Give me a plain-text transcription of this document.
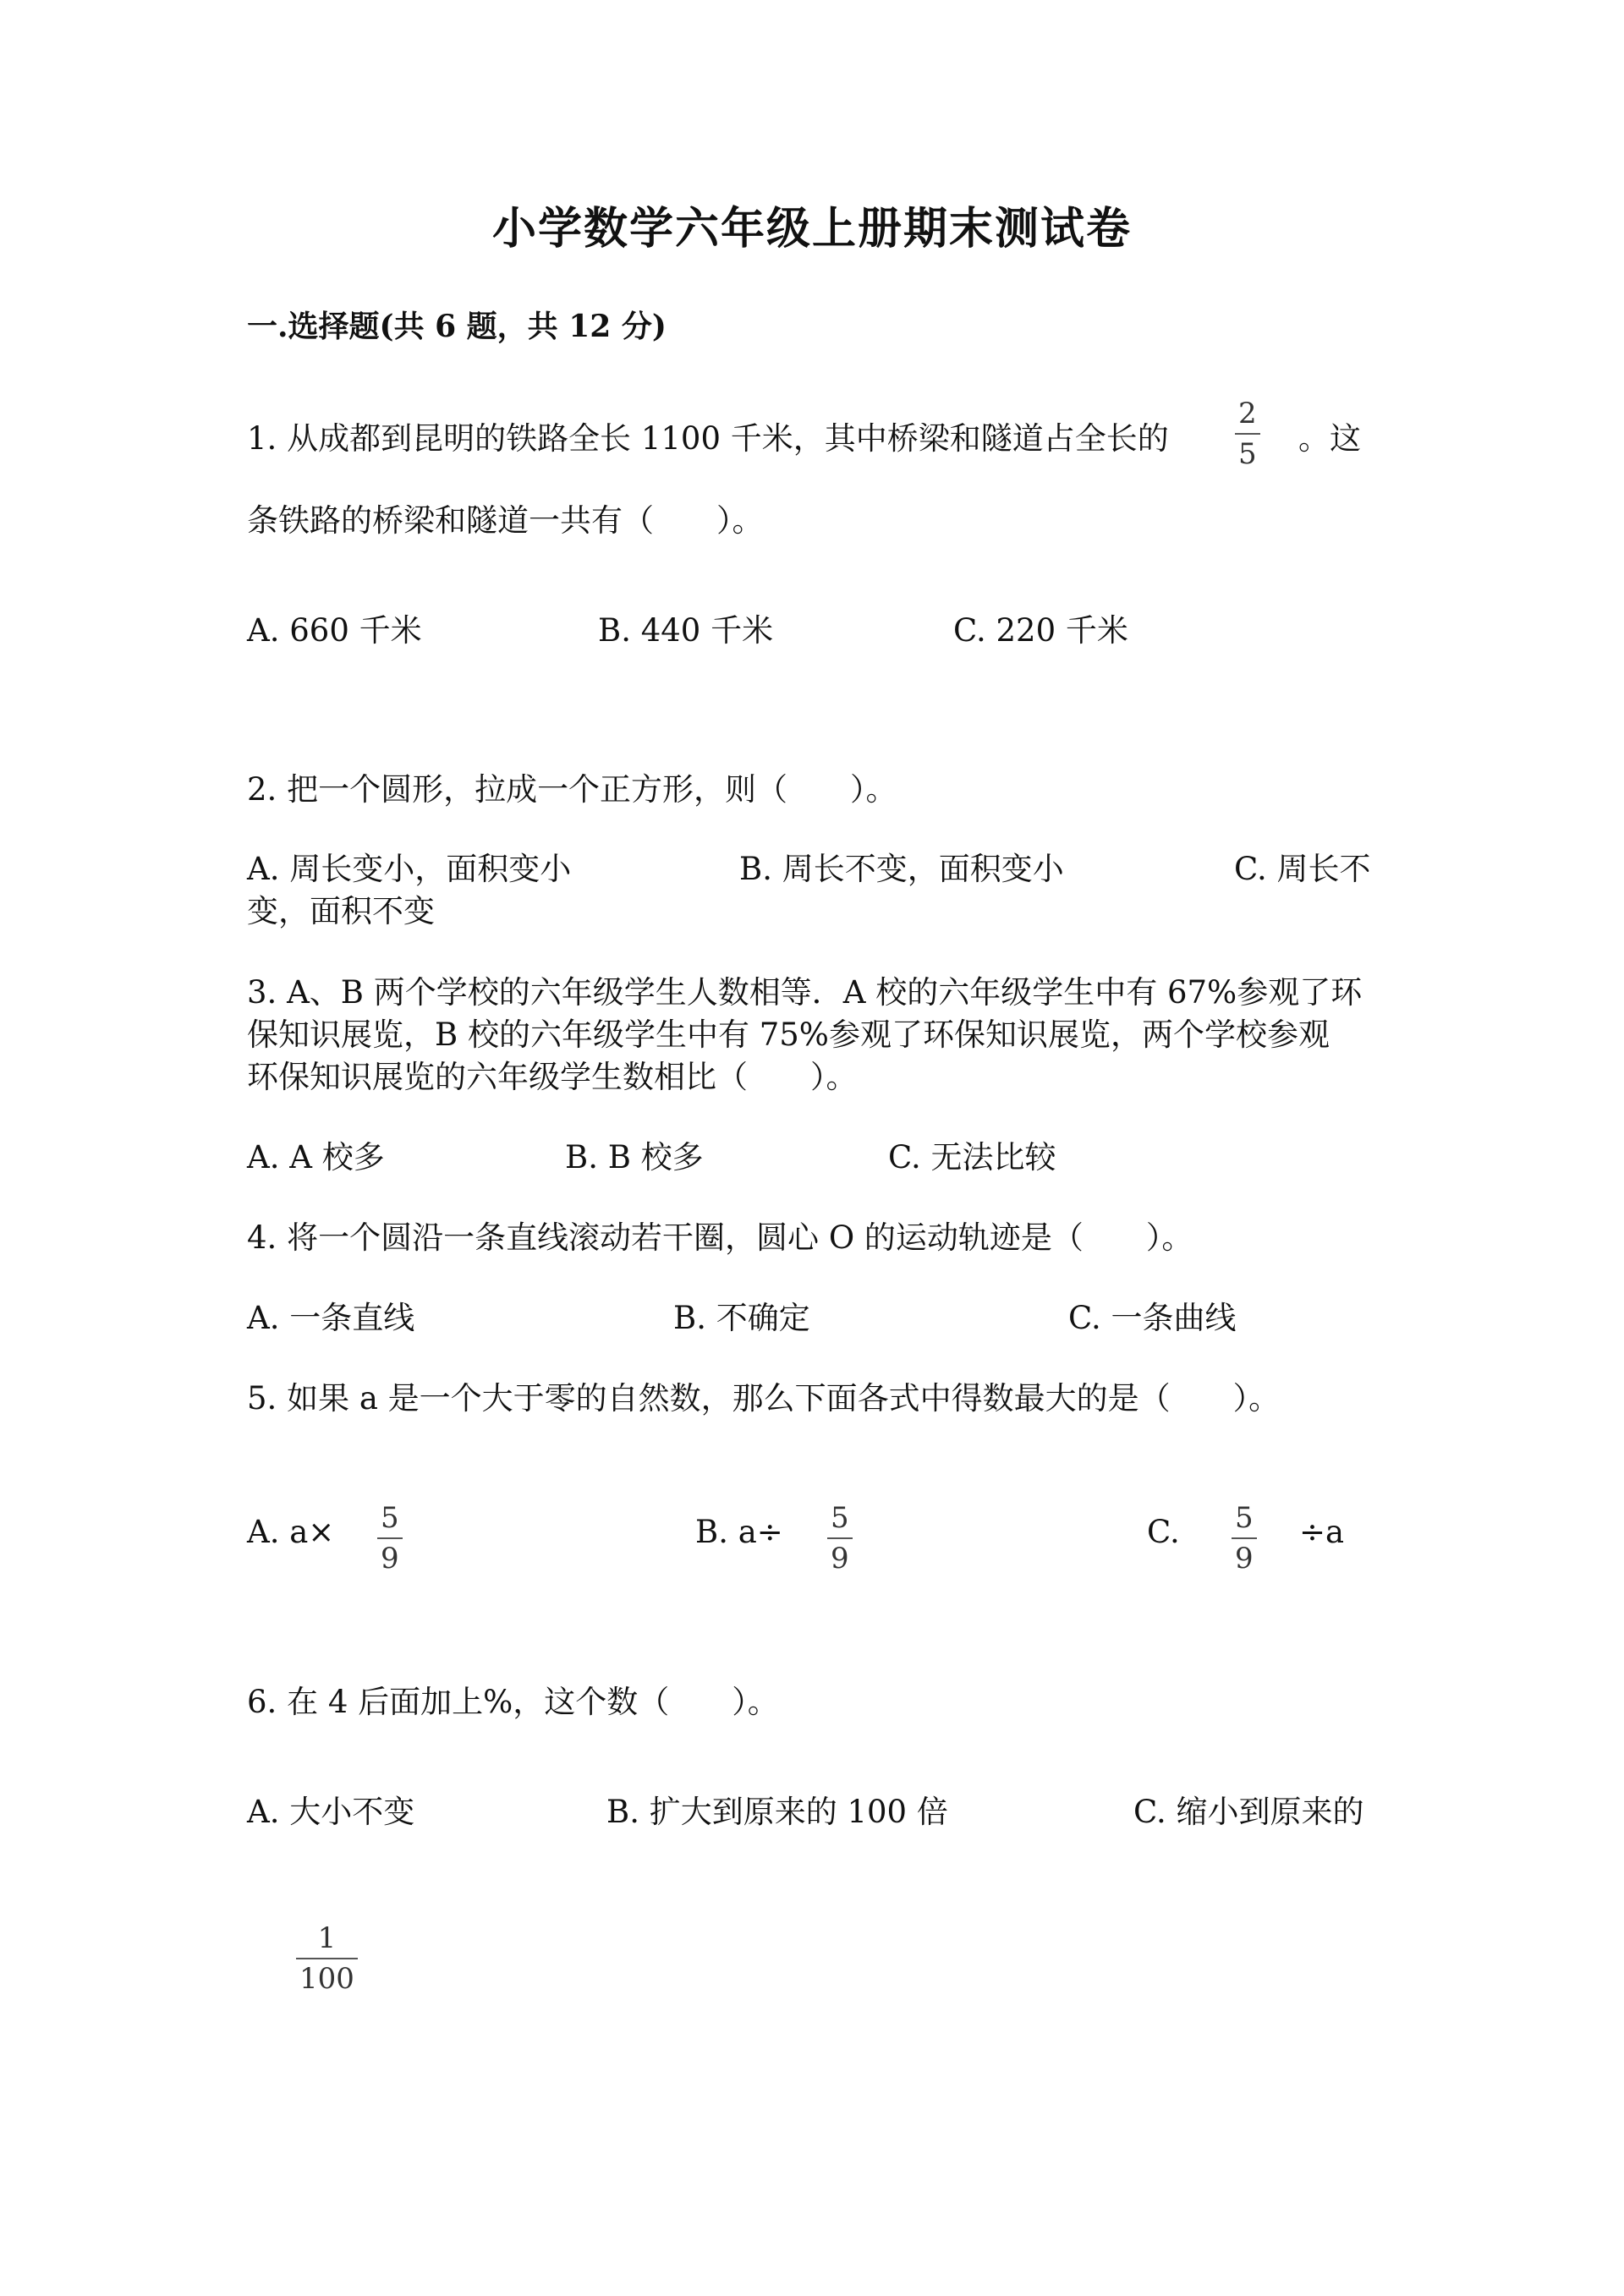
小学数学六年级上册期末测试卷
一.选择题(共 6 题，共 12 分)
1. 从成都到昆明的铁路全长 1100 千米，其中桥梁和隧道占全长的
2
5 。这
条铁路的桥梁和隧道一共有（　　）。
A. 660 千米	B. 440 千米	C. 220 千米
2. 把一个圆形，拉成一个正方形，则（　　）。
A. 周长变小，面积变小	B. 周长不变，面积变小	C. 周长不
变，面积不变
3. A、B 两个学校的六年级学生人数相等．A 校的六年级学生中有 67%参观了环
保知识展览，B 校的六年级学生中有 75%参观了环保知识展览，两个学校参观
环保知识展览的六年级学生数相比（　　）。
A. A 校多	B. B 校多	C. 无法比较
4. 将一个圆沿一条直线滚动若干圈，圆心 O 的运动轨迹是（　　）。
A. 一条直线	B. 不确定	C. 一条曲线
5. 如果 a 是一个大于零的自然数，那么下面各式中得数最大的是（　　）。
A. a× 5
9
B. a÷ 5
9
C. 5
9
÷a
6. 在 4 后面加上%，这个数（　　）。
A. 大小不变	B. 扩大到原来的 100 倍	C. 缩小到原来的
1
100
